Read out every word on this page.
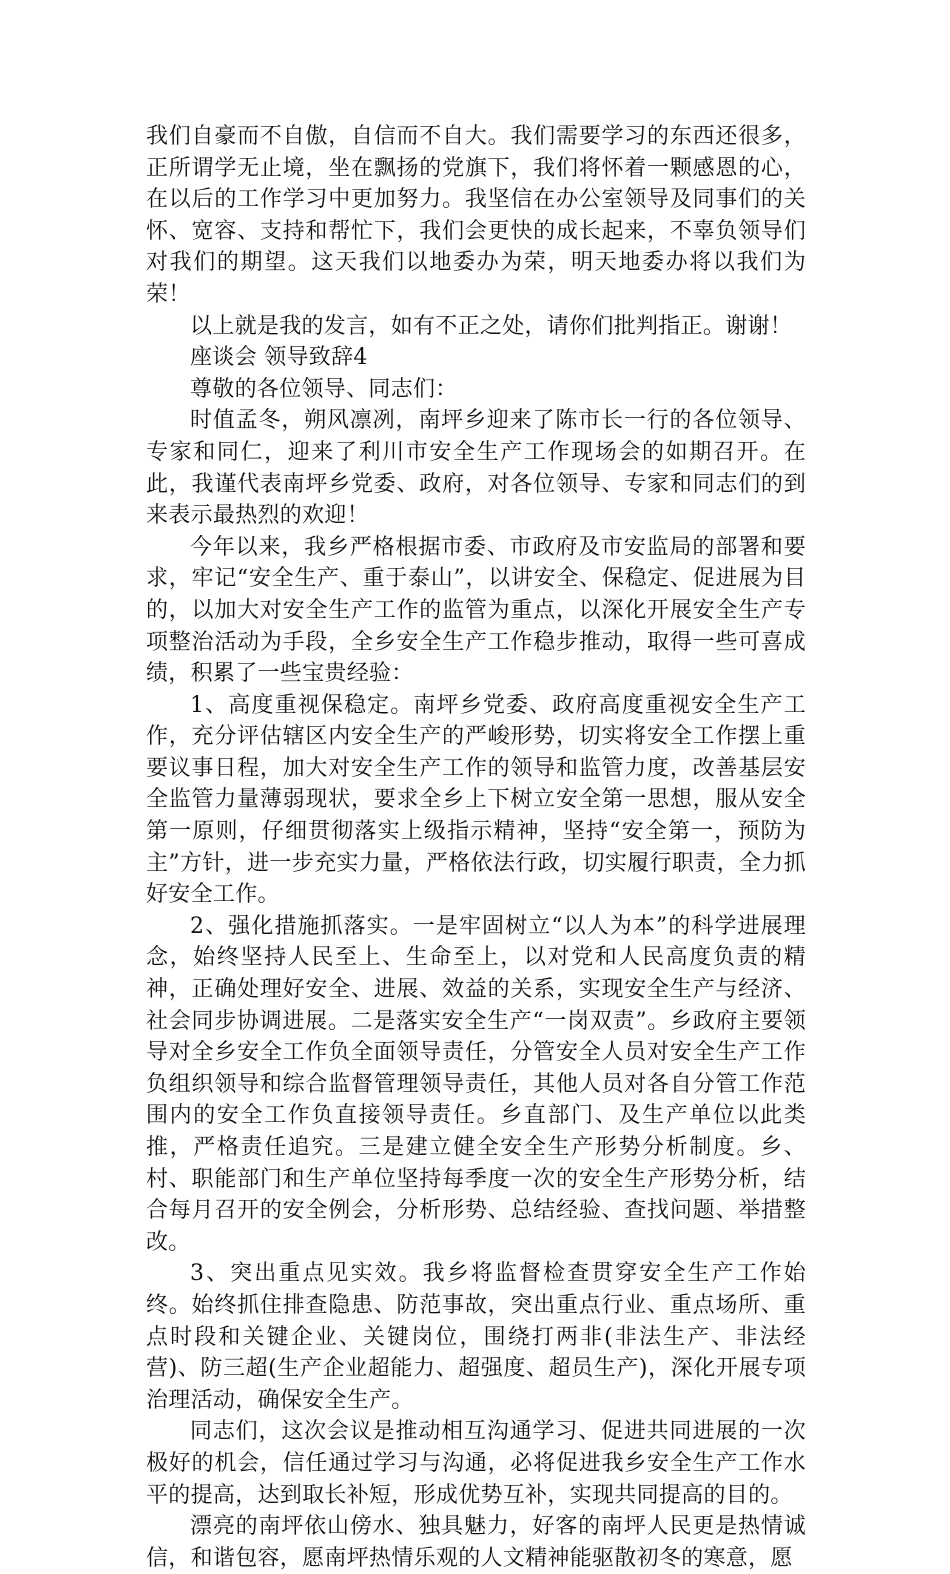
我们自豪而不自傲，自信而不自大。我们需要学习的东西还很多，正所谓学无止境，坐在飘扬的党旗下，我们将怀着一颗感恩的心，在以后的工作学习中更加努力。我坚信在办公室领导及同事们的关怀、宽容、支持和帮忙下，我们会更快的成长起来，不辜负领导们对我们的期望。这天我们以地委办为荣，明天地委办将以我们为荣！

以上就是我的发言，如有不正之处，请你们批判指正。谢谢！

座谈会 领导致辞4

尊敬的各位领导、同志们：

时值孟冬，朔风凛冽，南坪乡迎来了陈市长一行的各位领导、专家和同仁，迎来了利川市安全生产工作现场会的如期召开。在此，我谨代表南坪乡党委、政府，对各位领导、专家和同志们的到来表示最热烈的欢迎！

今年以来，我乡严格根据市委、市政府及市安监局的部署和要求，牢记“安全生产、重于泰山”，以讲安全、保稳定、促进展为目的，以加大对安全生产工作的监管为重点，以深化开展安全生产专项整治活动为手段，全乡安全生产工作稳步推动，取得一些可喜成绩，积累了一些宝贵经验：

1、高度重视保稳定。南坪乡党委、政府高度重视安全生产工作，充分评估辖区内安全生产的严峻形势，切实将安全工作摆上重要议事日程，加大对安全生产工作的领导和监管力度，改善基层安全监管力量薄弱现状，要求全乡上下树立安全第一思想，服从安全第一原则，仔细贯彻落实上级指示精神，坚持“安全第一，预防为主”方针，进一步充实力量，严格依法行政，切实履行职责，全力抓好安全工作。

2、强化措施抓落实。一是牢固树立“以人为本”的科学进展理念，始终坚持人民至上、生命至上，以对党和人民高度负责的精神，正确处理好安全、进展、效益的关系，实现安全生产与经济、社会同步协调进展。二是落实安全生产“一岗双责”。乡政府主要领导对全乡安全工作负全面领导责任，分管安全人员对安全生产工作负组织领导和综合监督管理领导责任，其他人员对各自分管工作范围内的安全工作负直接领导责任。乡直部门、及生产单位以此类推，严格责任追究。三是建立健全安全生产形势分析制度。乡、村、职能部门和生产单位坚持每季度一次的安全生产形势分析，结合每月召开的安全例会，分析形势、总结经验、查找问题、举措整改。

3、突出重点见实效。我乡将监督检查贯穿安全生产工作始终。始终抓住排查隐患、防范事故，突出重点行业、重点场所、重点时段和关键企业、关键岗位，围绕打两非(非法生产、非法经营)、防三超(生产企业超能力、超强度、超员生产)，深化开展专项治理活动，确保安全生产。

同志们，这次会议是推动相互沟通学习、促进共同进展的一次极好的机会，信任通过学习与沟通，必将促进我乡安全生产工作水平的提高，达到取长补短，形成优势互补，实现共同提高的目的。

漂亮的南坪依山傍水、独具魅力，好客的南坪人民更是热情诚信，和谐包容，愿南坪热情乐观的人文精神能驱散初冬的寒意，愿
